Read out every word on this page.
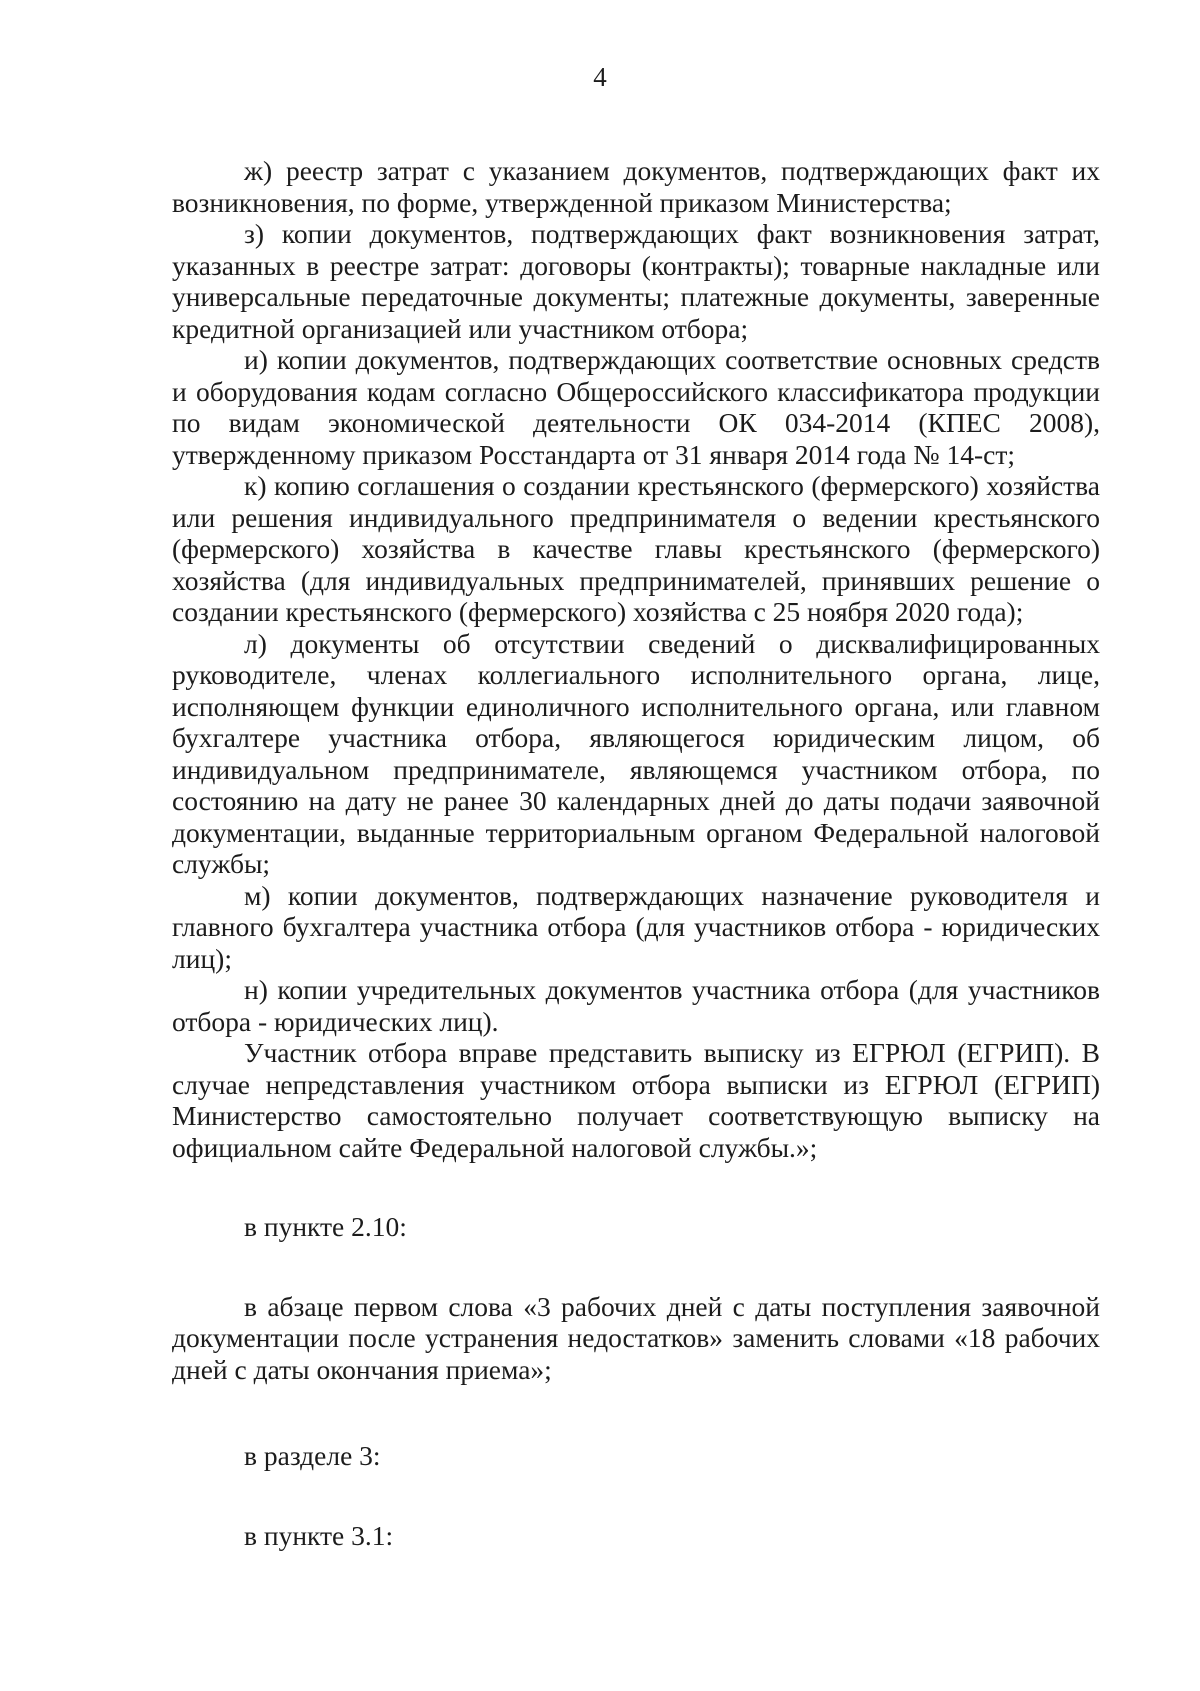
4

ж) реестр затрат с указанием документов, подтверждающих факт их возникновения, по форме, утвержденной приказом Министерства;

з) копии документов, подтверждающих факт возникновения затрат, указанных в реестре затрат: договоры (контракты); товарные накладные или универсальные передаточные документы; платежные документы, заверенные кредитной организацией или участником отбора;

и) копии документов, подтверждающих соответствие основных средств и оборудования кодам согласно Общероссийского классификатора продукции по видам экономической деятельности ОК 034-2014 (КПЕС 2008), утвержденному приказом Росстандарта от 31 января 2014 года № 14-ст;

к) копию соглашения о создании крестьянского (фермерского) хозяйства или решения индивидуального предпринимателя о ведении крестьянского (фермерского) хозяйства в качестве главы крестьянского (фермерского) хозяйства (для индивидуальных предпринимателей, принявших решение о создании крестьянского (фермерского) хозяйства с 25 ноября 2020 года);

л) документы об отсутствии сведений о дисквалифицированных руководителе, членах коллегиального исполнительного органа, лице, исполняющем функции единоличного исполнительного органа, или главном бухгалтере участника отбора, являющегося юридическим лицом, об индивидуальном предпринимателе, являющемся участником отбора, по состоянию на дату не ранее 30 календарных дней до даты подачи заявочной документации, выданные территориальным органом Федеральной налоговой службы;

м) копии документов, подтверждающих назначение руководителя и главного бухгалтера участника отбора (для участников отбора - юридических лиц);

н) копии учредительных документов участника отбора (для участников отбора - юридических лиц).

Участник отбора вправе представить выписку из ЕГРЮЛ (ЕГРИП). В случае непредставления участником отбора выписки из ЕГРЮЛ (ЕГРИП) Министерство самостоятельно получает соответствующую выписку на официальном сайте Федеральной налоговой службы.»;

в пункте 2.10:

в абзаце первом слова «3 рабочих дней с даты поступления заявочной документации после устранения недостатков» заменить словами «18 рабочих дней с даты окончания приема»;

в разделе 3:

в пункте 3.1:
